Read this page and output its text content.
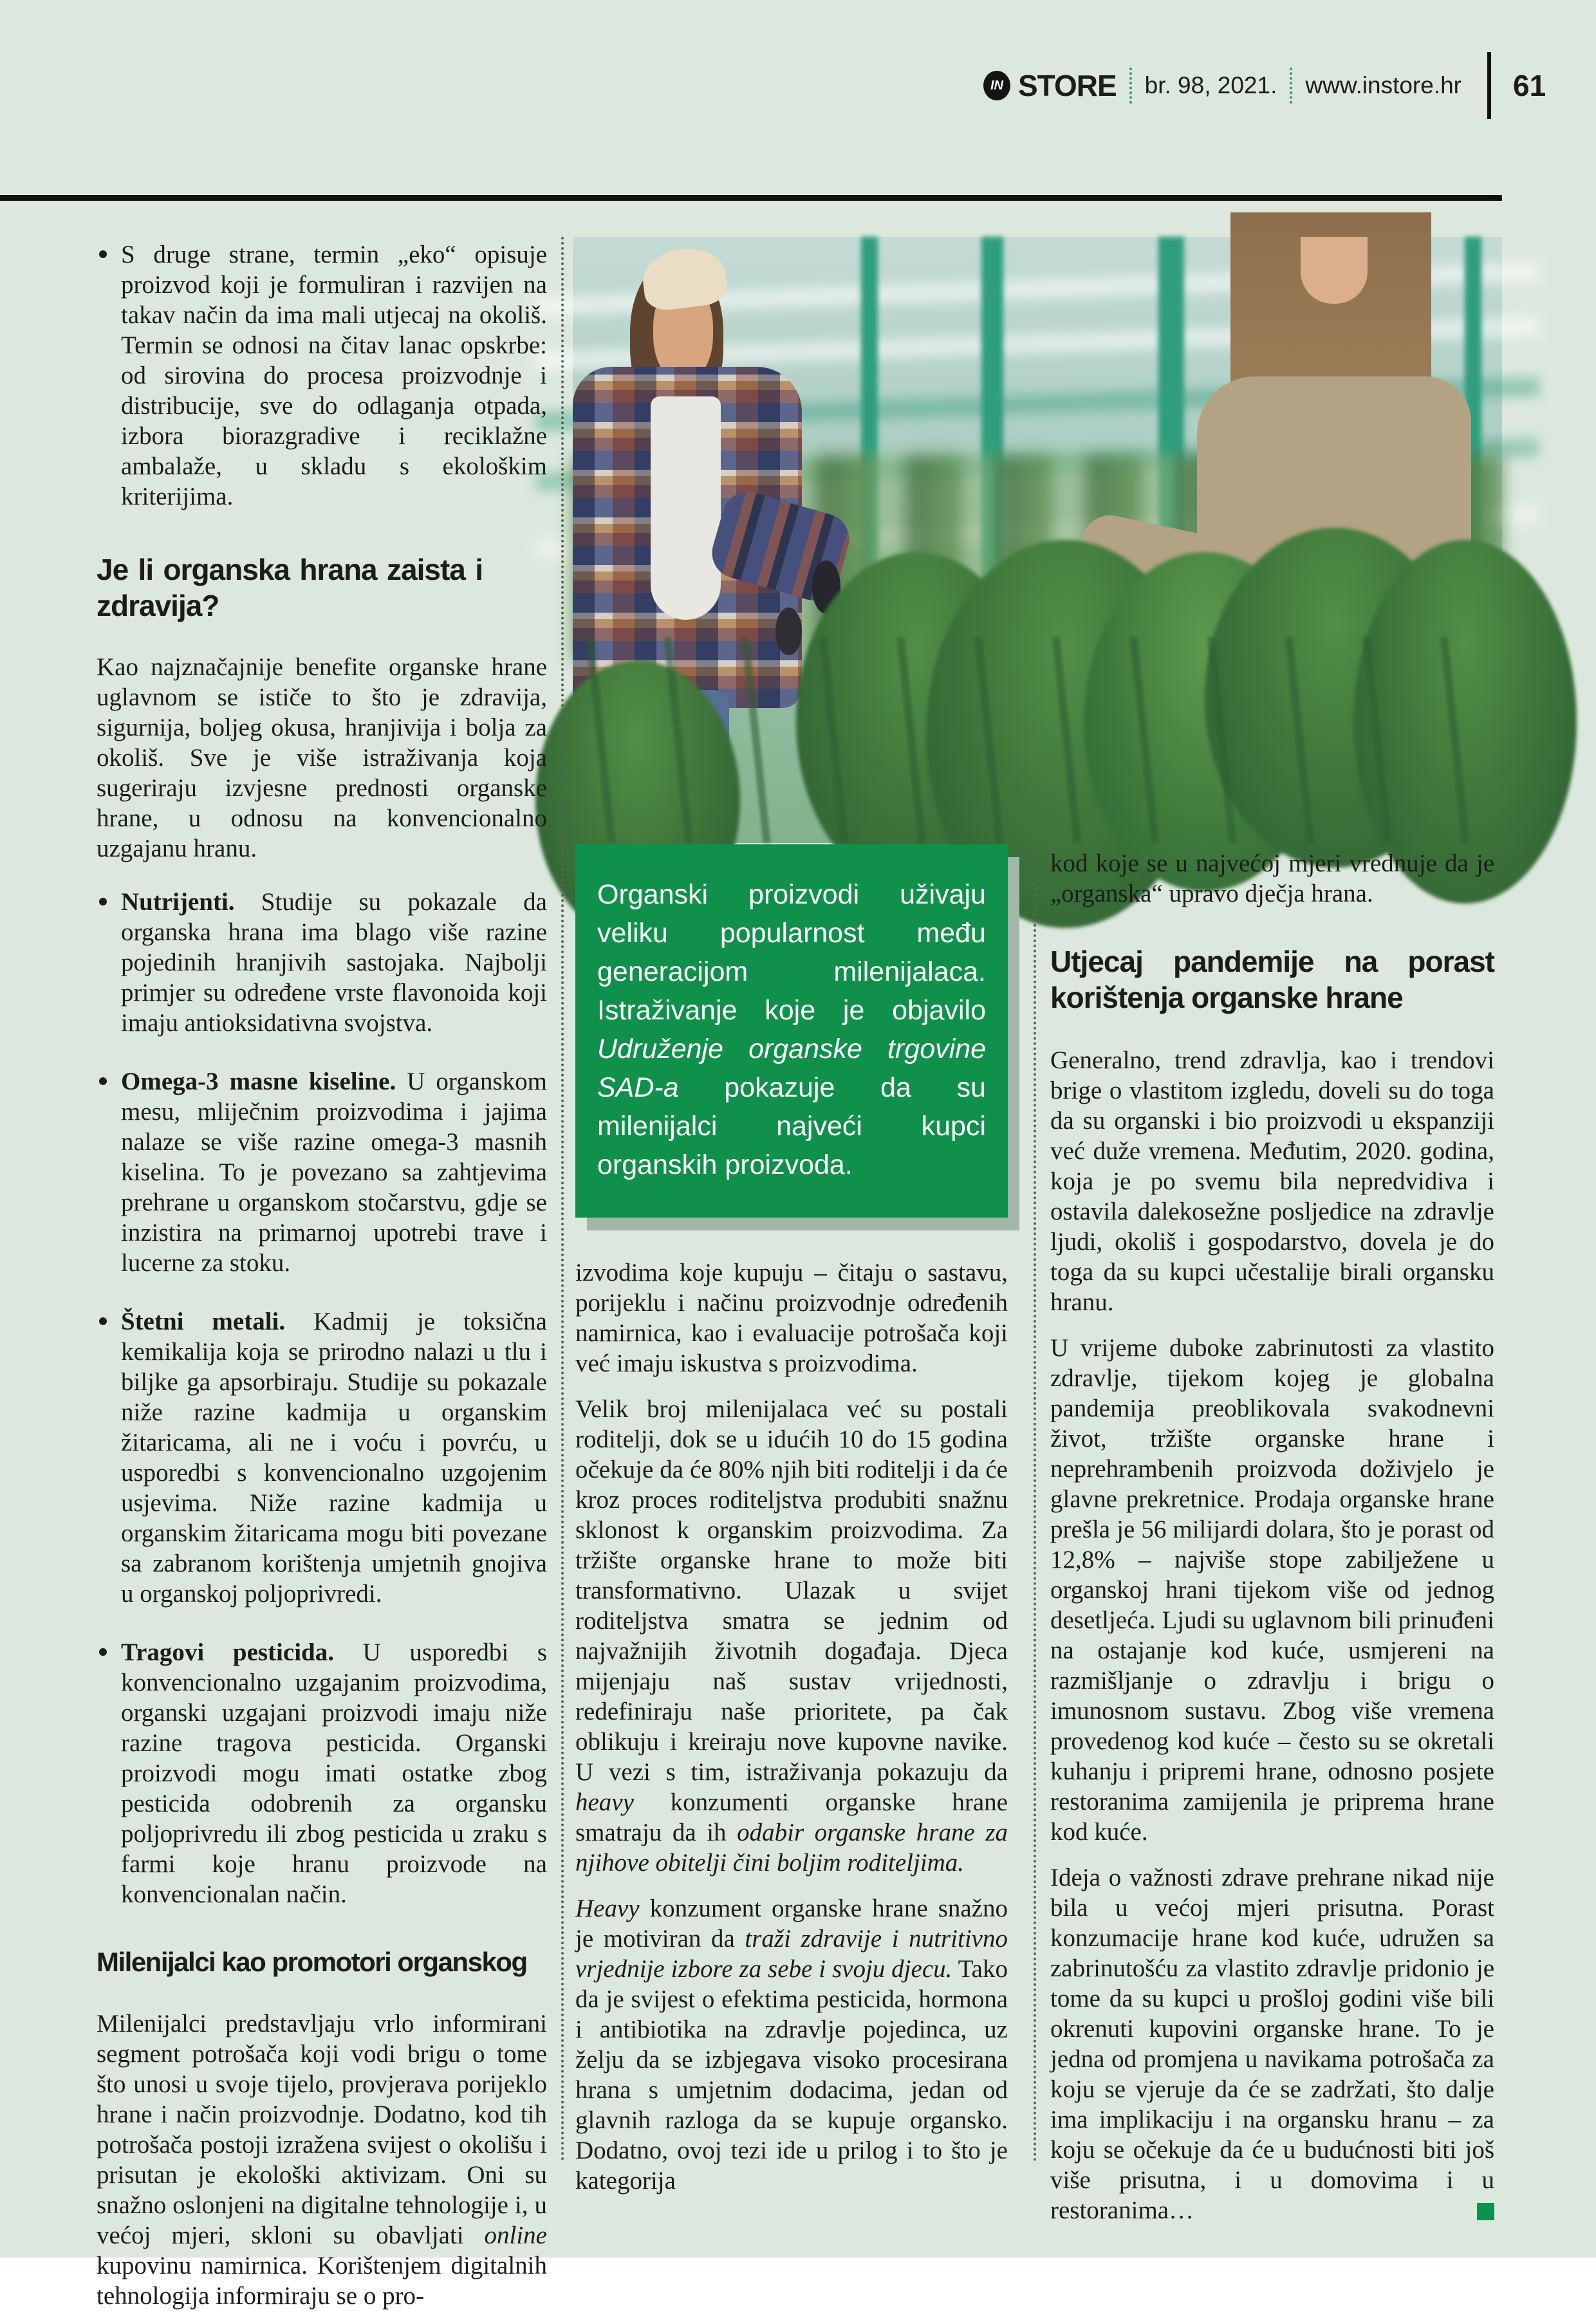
IN STORE br. 98, 2021. www.instore.hr 61
S druge strane, termin „eko“ opisuje proizvod koji je formuliran i razvijen na takav način da ima mali utjecaj na okoliš. Termin se odnosi na čitav lanac opskrbe: od sirovina do procesa proizvodnje i distribucije, sve do odlaganja otpada, izbora biorazgradive i reciklažne ambalaže, u skladu s ekološkim kriterijima.
Je li organska hrana zaista i zdravija?

Kao najznačajnije benefite organske hrane uglavnom se ističe to što je zdravija, sigurnija, boljeg okusa, hranjivija i bolja za okoliš. Sve je više istraživanja koja sugeriraju izvjesne prednosti organske hrane, u odnosu na konvencionalno uzgajanu hranu.

Nutrijenti. Studije su pokazale da organska hrana ima blago više razine pojedinih hranjivih sastojaka. Najbolji primjer su određene vrste flavonoida koji imaju antioksidativna svojstva.
Omega-3 masne kiseline. U organskom mesu, mliječnim proizvodima i jajima nalaze se više razine omega-3 masnih kiselina. To je povezano sa zahtjevima prehrane u organskom stočarstvu, gdje se inzistira na primarnoj upotrebi trave i lucerne za stoku.
Štetni metali. Kadmij je toksična kemikalija koja se prirodno nalazi u tlu i biljke ga apsorbiraju. Studije su pokazale niže razine kadmija u organskim žitaricama, ali ne i voću i povrću, u usporedbi s konvencionalno uzgojenim usjevima. Niže razine kadmija u organskim žitaricama mogu biti povezane sa zabranom korištenja umjetnih gnojiva u organskoj poljoprivredi.
Tragovi pesticida. U usporedbi s konvencionalno uzgajanim proizvodima, organski uzgajani proizvodi imaju niže razine tragova pesticida. Organski proizvodi mogu imati ostatke zbog pesticida odobrenih za organsku poljoprivredu ili zbog pesticida u zraku s farmi koje hranu proizvode na konvencionalan način.
Milenijalci kao promotori organskog

Milenijalci predstavljaju vrlo informirani segment potrošača koji vodi brigu o tome što unosi u svoje tijelo, provjerava porijeklo hrane i način proizvodnje. Dodatno, kod tih potrošača postoji izražena svijest o okolišu i prisutan je ekološki aktivizam. Oni su snažno oslonjeni na digitalne tehnologije i, u većoj mjeri, skloni su obavljati online kupovinu namirnica. Korištenjem digitalnih tehnologija informiraju se o pro-

Organski proizvodi uživaju veliku popularnost među generacijom milenijalaca. Istraživanje koje je objavilo Udruženje organske trgovine SAD-a pokazuje da su milenijalci najveći kupci organskih proizvoda.

izvodima koje kupuju – čitaju o sastavu, porijeklu i načinu proizvodnje određenih namirnica, kao i evaluacije potrošača koji već imaju iskustva s proizvodima.

Velik broj milenijalaca već su postali roditelji, dok se u idućih 10 do 15 godina očekuje da će 80% njih biti roditelji i da će kroz proces roditeljstva produbiti snažnu sklonost k organskim proizvodima. Za tržište organske hrane to može biti transformativno. Ulazak u svijet roditeljstva smatra se jednim od najvažnijih životnih događaja. Djeca mijenjaju naš sustav vrijednosti, redefiniraju naše prioritete, pa čak oblikuju i kreiraju nove kupovne navike. U vezi s tim, istraživanja pokazuju da heavy konzumenti organske hrane smatraju da ih odabir organske hrane za njihove obitelji čini boljim roditeljima.

Heavy konzument organske hrane snažno je motiviran da traži zdravije i nutritivno vrjednije izbore za sebe i svoju djecu. Tako da je svijest o efektima pesticida, hormona i antibiotika na zdravlje pojedinca, uz želju da se izbjegava visoko procesirana hrana s umjetnim dodacima, jedan od glavnih razloga da se kupuje organsko. Dodatno, ovoj tezi ide u prilog i to što je kategorija

kod koje se u najvećoj mjeri vrednuje da je „organska“ upravo dječja hrana.

Utjecaj pandemije na porast korištenja organske hrane

Generalno, trend zdravlja, kao i trendovi brige o vlastitom izgledu, doveli su do toga da su organski i bio proizvodi u ekspanziji već duže vremena. Međutim, 2020. godina, koja je po svemu bila nepredvidiva i ostavila dalekosežne posljedice na zdravlje ljudi, okoliš i gospodarstvo, dovela je do toga da su kupci učestalije birali organsku hranu.

U vrijeme duboke zabrinutosti za vlastito zdravlje, tijekom kojeg je globalna pandemija preoblikovala svakodnevni život, tržište organske hrane i neprehrambenih proizvoda doživjelo je glavne prekretnice. Prodaja organske hrane prešla je 56 milijardi dolara, što je porast od 12,8% – najviše stope zabilježene u organskoj hrani tijekom više od jednog desetljeća. Ljudi su uglavnom bili prinuđeni na ostajanje kod kuće, usmjereni na razmišljanje o zdravlju i brigu o imunosnom sustavu. Zbog više vremena provedenog kod kuće – često su se okretali kuhanju i pripremi hrane, odnosno posjete restoranima zamijenila je priprema hrane kod kuće.

Ideja o važnosti zdrave prehrane nikad nije bila u većoj mjeri prisutna. Porast konzumacije hrane kod kuće, udružen sa zabrinutošću za vlastito zdravlje pridonio je tome da su kupci u prošloj godini više bili okrenuti kupovini organske hrane. To je jedna od promjena u navikama potrošača za koju se vjeruje da će se zadržati, što dalje ima implikaciju i na organsku hranu – za koju se očekuje da će u budućnosti biti još više prisutna, i u domovima i u restoranima…
